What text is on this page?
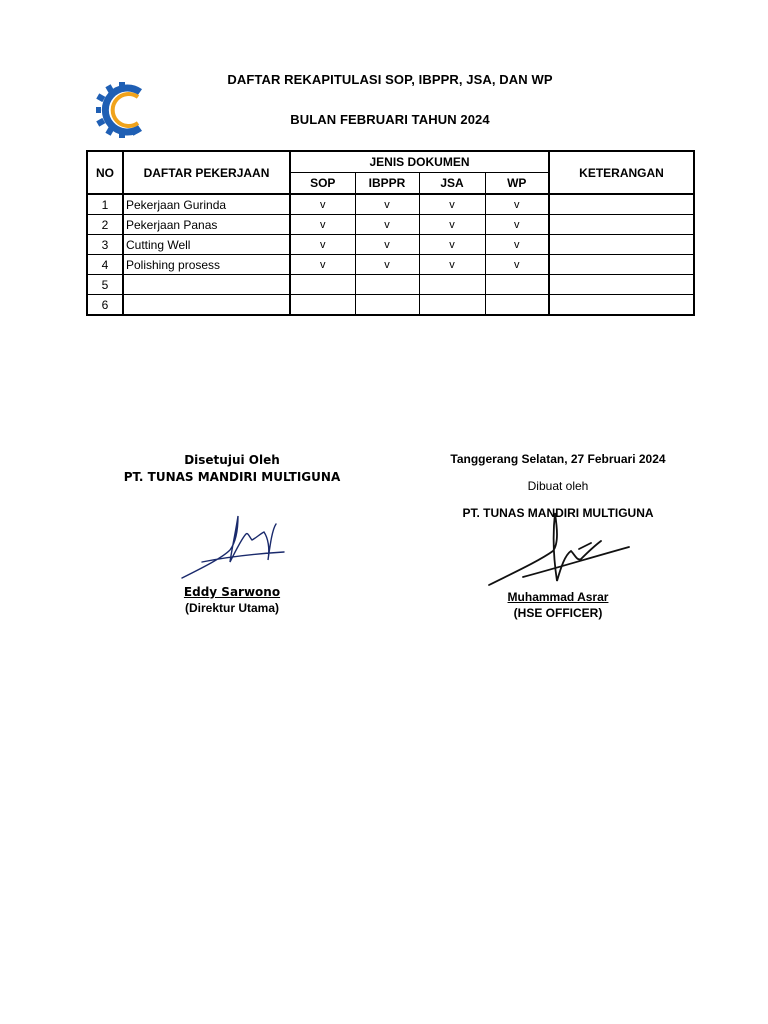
DAFTAR REKAPITULASI SOP, IBPPR, JSA, DAN WP
BULAN FEBRUARI TAHUN 2024
NO	DAFTAR PEKERJAAN	JENIS DOKUMEN				KETERANGAN
		SOP	IBPPR	JSA	WP	
1	Pekerjaan Gurinda	v	v	v	v	
2	Pekerjaan Panas	v	v	v	v	
3	Cutting Well	v	v	v	v	
4	Polishing prosess	v	v	v	v	
5						
6						
Disetujui Oleh
PT. TUNAS MANDIRI MULTIGUNA
Eddy Sarwono
(Direktur Utama)
Tanggerang Selatan, 27 Februari 2024
Dibuat oleh
PT. TUNAS MANDIRI MULTIGUNA
Muhammad Asrar
(HSE OFFICER)
